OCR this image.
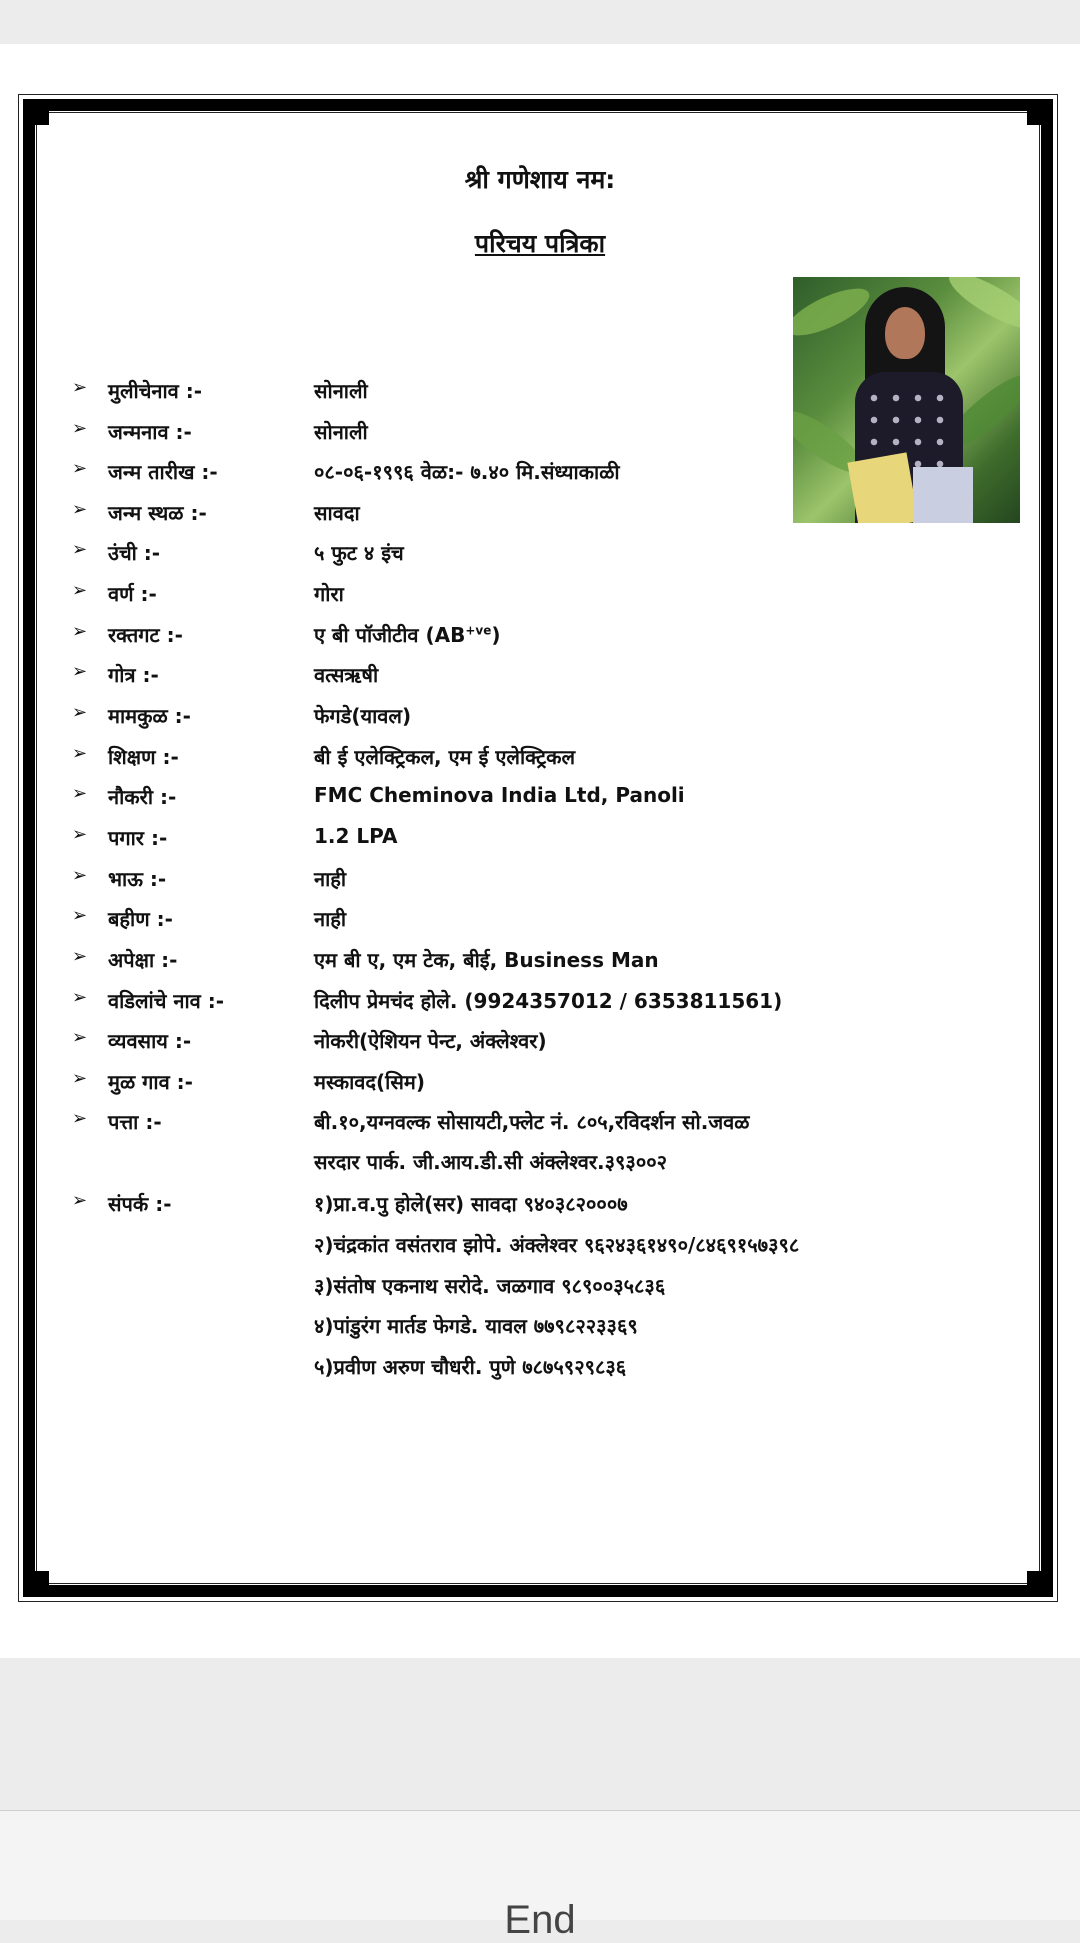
श्री गणेशाय नम:
परिचय पत्रिका
➢ मुलीचेनाव :-	सोनाली
➢ जन्मनाव :-	सोनाली
➢ जन्म तारीख :-	०८-०६-१९९६ वेळ:- ७.४० मि.संध्याकाळी
➢ जन्म स्थळ :-	सावदा
➢ उंची :-	५ फुट ४ इंच
➢ वर्ण :-	गोरा
➢ रक्तगट :-	ए बी पॉजीटीव $(AB^{+ve})$
➢ गोत्र :-	वत्सऋषी
➢ मामकुळ :-	फेगडे(यावल)
➢ शिक्षण :-	बी ई एलेक्ट्रिकल, एम ई एलेक्ट्रिकल
➢ नौकरी :-	FMC Cheminova India Ltd, Panoli
➢ पगार :-	1.2 LPA
➢ भाऊ :-	नाही
➢ बहीण :-	नाही
➢ अपेक्षा :-	एम बी ए, एम टेक, बीई, Business Man
➢ वडिलांचे नाव :-	दिलीप प्रेमचंद होले. (9924357012 / 6353811561)
➢ व्यवसाय :-	नोकरी(ऐशियन पेन्ट, अंक्लेश्वर)
➢ मुळ गाव :-	मस्कावद(सिम)
➢ पत्ता :-	बी.१०,यग्नवल्क सोसायटी,फ्लेट नं. ८०५,रविदर्शन सो.जवळ
सरदार पार्क. जी.आय.डी.सी अंक्लेश्वर.३९३००२
➢ संपर्क :-	१)प्रा.व.पु होले(सर) सावदा ९४०३८२०००७
२)चंद्रकांत वसंतराव झोपे. अंक्लेश्वर ९६२४३६१४९०/८४६९१५७३९८
३)संतोष एकनाथ सरोदे. जळगाव ९८९००३५८३६
४)पांडुरंग मार्तड फेगडे. यावल ७७९८२२३३६९
५)प्रवीण अरुण चौधरी. पुणे ७८७५९२९८३६
End
